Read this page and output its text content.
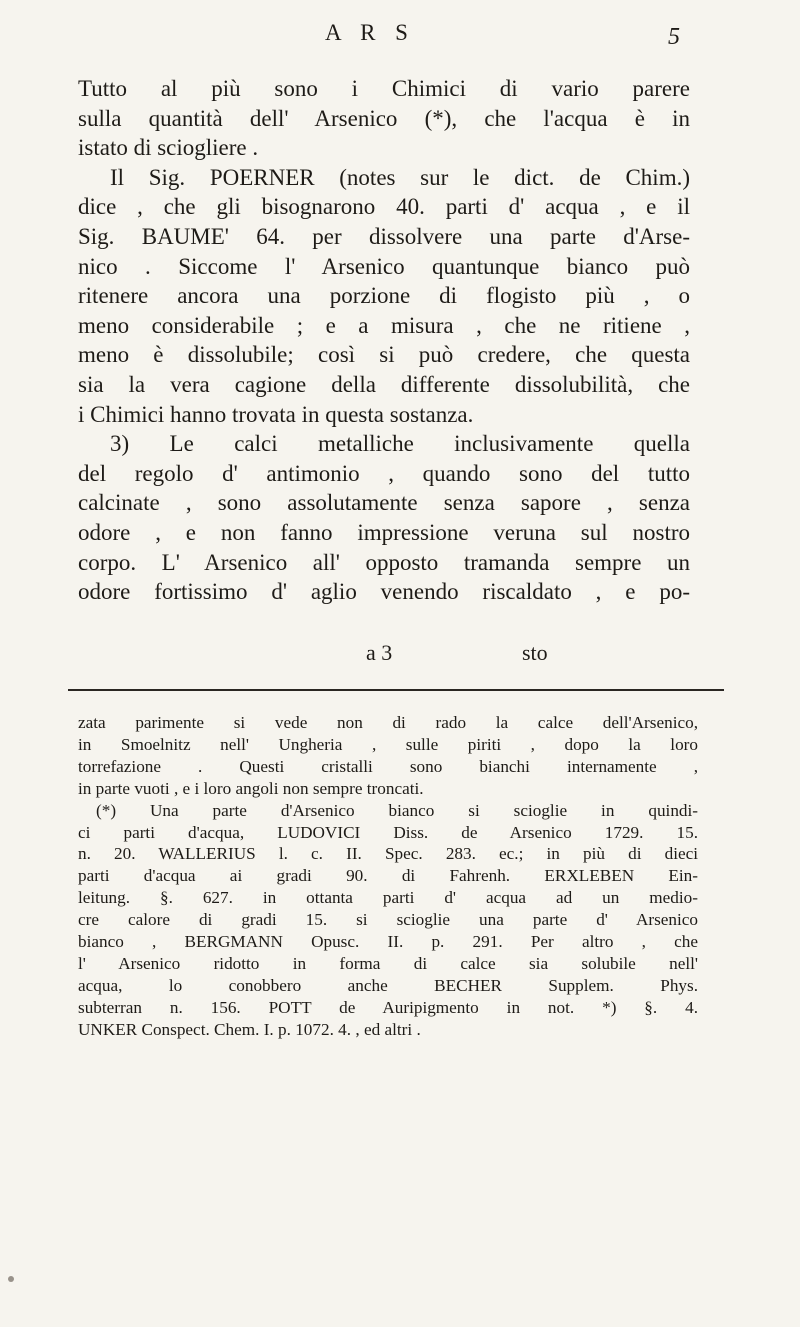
A R S	5
Tutto al più sono i Chimici di vario parere
sulla quantità dell' Arsenico (*), che l'acqua è in
istato di sciogliere .
Il Sig. POERNER (notes sur le dict. de Chim.)
dice , che gli bisognarono 40. parti d' acqua , e il
Sig. BAUME' 64. per dissolvere una parte d'Arse-
nico . Siccome l' Arsenico quantunque bianco può
ritenere ancora una porzione di flogisto più , o
meno considerabile ; e a misura , che ne ritiene ,
meno è dissolubile; così si può credere, che questa
sia la vera cagione della differente dissolubilità, che
i Chimici hanno trovata in questa sostanza.
3) Le calci metalliche inclusivamente quella
del regolo d' antimonio , quando sono del tutto
calcinate , sono assolutamente senza sapore , senza
odore , e non fanno impressione veruna sul nostro
corpo. L' Arsenico all' opposto tramanda sempre un
odore fortissimo d' aglio venendo riscaldato , e po-
a 3	sto
zata parimente si vede non di rado la calce dell'Arsenico,
in Smoelnitz nell' Ungheria , sulle piriti , dopo la loro
torrefazione . Questi cristalli sono bianchi internamente ,
in parte vuoti , e i loro angoli non sempre troncati.
(*) Una parte d'Arsenico bianco si scioglie in quindi-
ci parti d'acqua, LUDOVICI Diss. de Arsenico 1729. 15.
n. 20. WALLERIUS l. c. II. Spec. 283. ec.; in più di dieci
parti d'acqua ai gradi 90. di Fahrenh. ERXLEBEN Ein-
leitung. §. 627. in ottanta parti d' acqua ad un medio-
cre calore di gradi 15. si scioglie una parte d' Arsenico
bianco , BERGMANN Opusc. II. p. 291. Per altro , che
l' Arsenico ridotto in forma di calce sia solubile nell'
acqua, lo conobbero anche BECHER Supplem. Phys.
subterran n. 156. POTT de Auripigmento in not. *) §. 4.
UNKER Conspect. Chem. I. p. 1072. 4. , ed altri .
